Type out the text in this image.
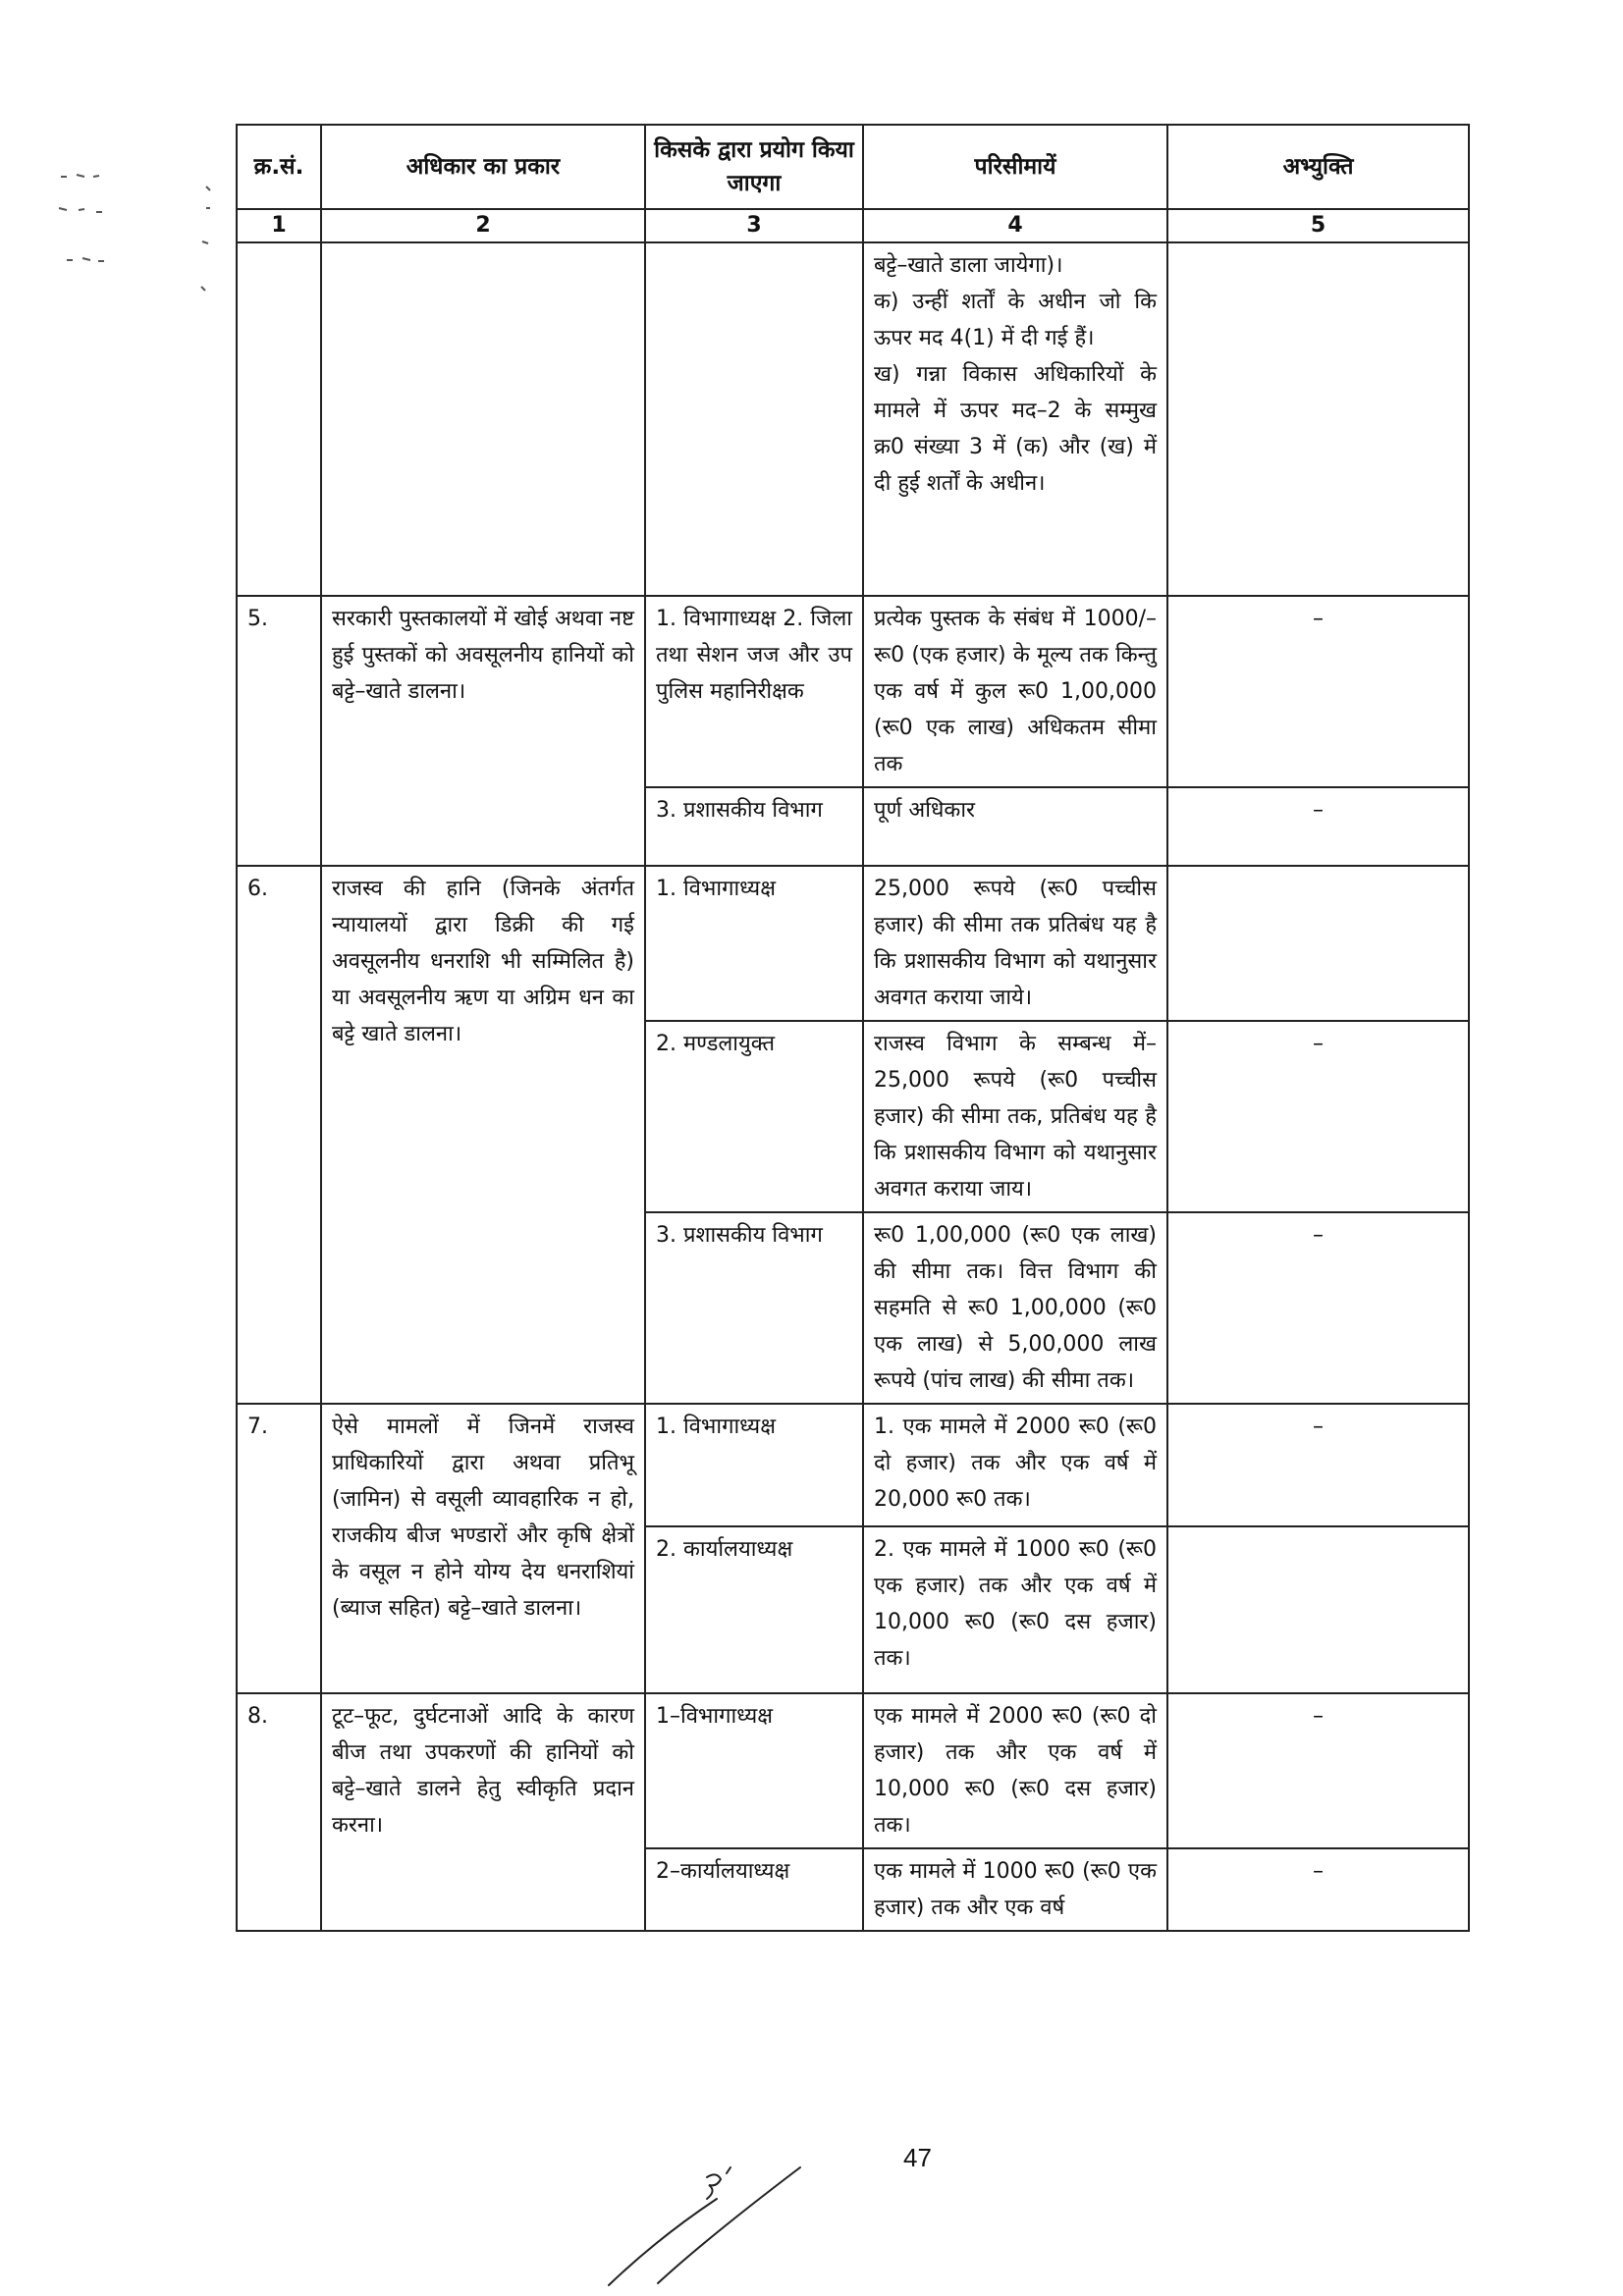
क्र.सं.	अधिकार का प्रकार	किसके द्वारा प्रयोग किया जाएगा	परिसीमायें	अभ्युक्ति
1	2	3	4	5

			बट्टे–खाते डाला जायेगा)।
क) उन्हीं शर्तों के अधीन जो कि ऊपर मद 4(1) में दी गई हैं।
ख) गन्ना विकास अधिकारियों के मामले में ऊपर मद–2 के सम्मुख क्र0 संख्या 3 में (क) और (ख) में दी हुई शर्तों के अधीन।	

5.	सरकारी पुस्तकालयों में खोई अथवा नष्ट हुई पुस्तकों को अवसूलनीय हानियों को बट्टे–खाते डालना।	1. विभागाध्यक्ष 2. जिला तथा सेशन जज और उप पुलिस महानिरीक्षक	प्रत्येक पुस्तक के संबंध में 1000/– रू0 (एक हजार) के मूल्य तक किन्तु एक वर्ष में कुल रू0 1,00,000 (रू0 एक लाख) अधिकतम सीमा तक	–
		3. प्रशासकीय विभाग	पूर्ण अधिकार	–
6.	राजस्व की हानि (जिनके अंतर्गत न्यायालयों द्वारा डिक्री की गई अवसूलनीय धनराशि भी सम्मिलित है) या अवसूलनीय ऋण या अग्रिम धन का बट्टे खाते डालना।	1. विभागाध्यक्ष	25,000 रूपये (रू0 पच्चीस हजार) की सीमा तक प्रतिबंध यह है कि प्रशासकीय विभाग को यथानुसार अवगत कराया जाये।	
		2. मण्डलायुक्त	राजस्व विभाग के सम्बन्ध में– 25,000 रूपये (रू0 पच्चीस हजार) की सीमा तक, प्रतिबंध यह है कि प्रशासकीय विभाग को यथानुसार अवगत कराया जाय।	–
		3. प्रशासकीय विभाग	रू0 1,00,000 (रू0 एक लाख) की सीमा तक। वित्त विभाग की सहमति से रू0 1,00,000 (रू0 एक लाख) से 5,00,000 लाख रूपये (पांच लाख) की सीमा तक।	–
7.	ऐसे मामलों में जिनमें राजस्व प्राधिकारियों द्वारा अथवा प्रतिभू (जामिन) से वसूली व्यावहारिक न हो, राजकीय बीज भण्डारों और कृषि क्षेत्रों के वसूल न होने योग्य देय धनराशियां (ब्याज सहित) बट्टे–खाते डालना।	1. विभागाध्यक्ष	1. एक मामले में 2000 रू0 (रू0 दो हजार) तक और एक वर्ष में 20,000 रू0 तक।	–
		2. कार्यालयाध्यक्ष	2. एक मामले में 1000 रू0 (रू0 एक हजार) तक और एक वर्ष में 10,000 रू0 (रू0 दस हजार) तक।	
8.	टूट–फूट, दुर्घटनाओं आदि के कारण बीज तथा उपकरणों की हानियों को बट्टे–खाते डालने हेतु स्वीकृति प्रदान करना।	1–विभागाध्यक्ष	एक मामले में 2000 रू0 (रू0 दो हजार) तक और एक वर्ष में 10,000 रू0 (रू0 दस हजार) तक।	–
		2–कार्यालयाध्यक्ष	एक मामले में 1000 रू0 (रू0 एक हजार) तक और एक वर्ष	–
47
